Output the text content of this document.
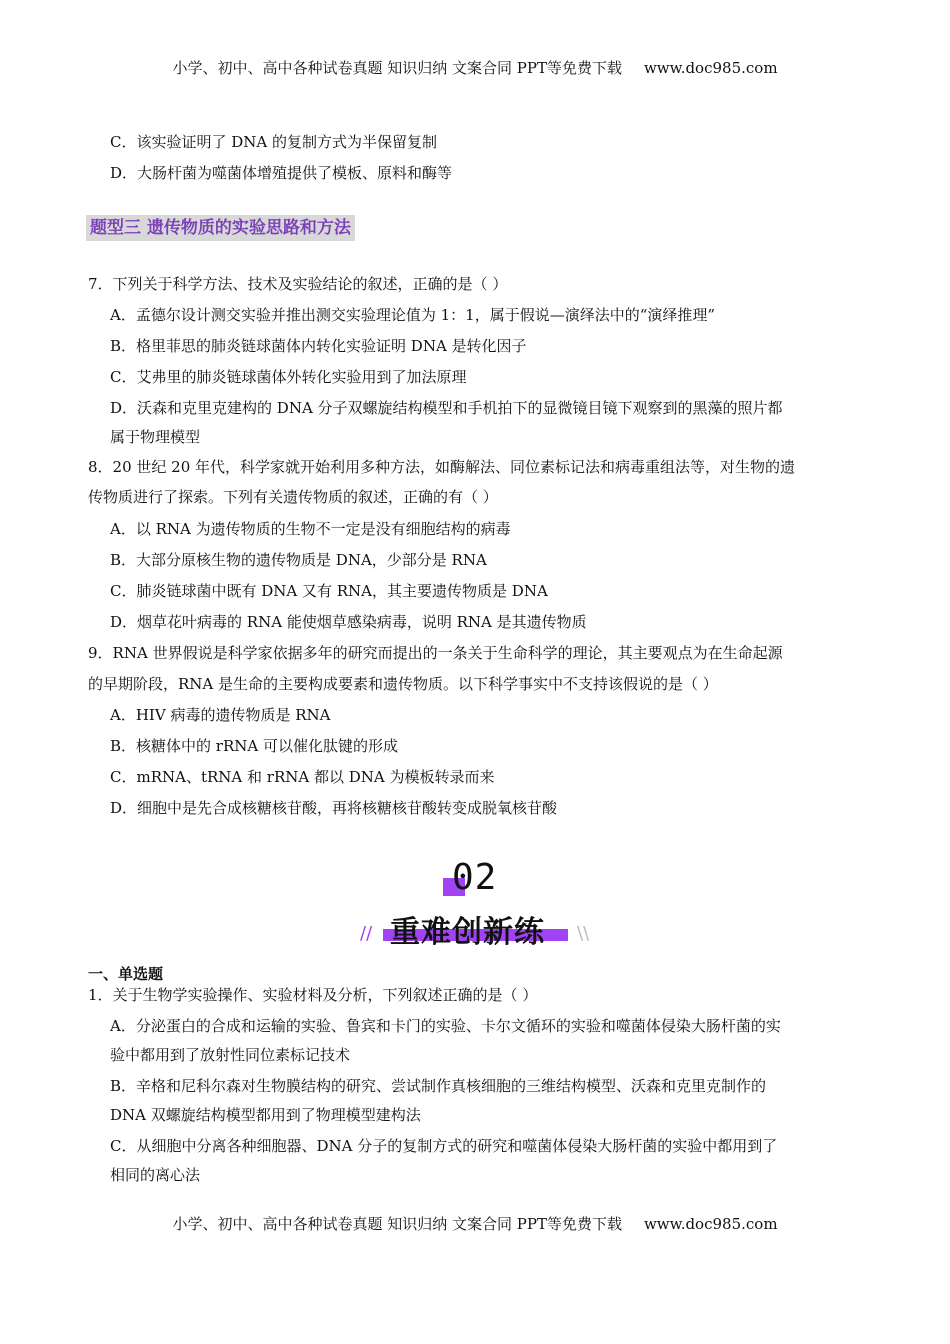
小学、初中、高中各种试卷真题 知识归纳 文案合同 PPT等免费下载 www.doc985.com
C．该实验证明了 DNA 的复制方式为半保留复制
D．大肠杆菌为噬菌体增殖提供了模板、原料和酶等
题型三 遗传物质的实验思路和方法
7．下列关于科学方法、技术及实验结论的叙述，正确的是（ ）
A．孟德尔设计测交实验并推出测交实验理论值为 1：1，属于假说—演绎法中的“演绎推理”
B．格里菲思的肺炎链球菌体内转化实验证明 DNA 是转化因子
C．艾弗里的肺炎链球菌体外转化实验用到了加法原理
D．沃森和克里克建构的 DNA 分子双螺旋结构模型和手机拍下的显微镜目镜下观察到的黑藻的照片都
属于物理模型
8．20 世纪 20 年代，科学家就开始利用多种方法，如酶解法、同位素标记法和病毒重组法等，对生物的遗
传物质进行了探索。下列有关遗传物质的叙述，正确的有（ ）
A．以 RNA 为遗传物质的生物不一定是没有细胞结构的病毒
B．大部分原核生物的遗传物质是 DNA，少部分是 RNA
C．肺炎链球菌中既有 DNA 又有 RNA，其主要遗传物质是 DNA
D．烟草花叶病毒的 RNA 能使烟草感染病毒，说明 RNA 是其遗传物质
9．RNA 世界假说是科学家依据多年的研究而提出的一条关于生命科学的理论，其主要观点为在生命起源
的早期阶段，RNA 是生命的主要构成要素和遗传物质。以下科学事实中不支持该假说的是（ ）
A．HIV 病毒的遗传物质是 RNA
B．核糖体中的 rRNA 可以催化肽键的形成
C．mRNA、tRNA 和 rRNA 都以 DNA 为模板转录而来
D．细胞中是先合成核糖核苷酸，再将核糖核苷酸转变成脱氧核苷酸
02
重难创新练
//	\\
一、单选题
1．关于生物学实验操作、实验材料及分析，下列叙述正确的是（ ）
A．分泌蛋白的合成和运输的实验、鲁宾和卡门的实验、卡尔文循环的实验和噬菌体侵染大肠杆菌的实
验中都用到了放射性同位素标记技术
B．辛格和尼科尔森对生物膜结构的研究、尝试制作真核细胞的三维结构模型、沃森和克里克制作的
DNA 双螺旋结构模型都用到了物理模型建构法
C．从细胞中分离各种细胞器、DNA 分子的复制方式的研究和噬菌体侵染大肠杆菌的实验中都用到了
相同的离心法
小学、初中、高中各种试卷真题 知识归纳 文案合同 PPT等免费下载 www.doc985.com
